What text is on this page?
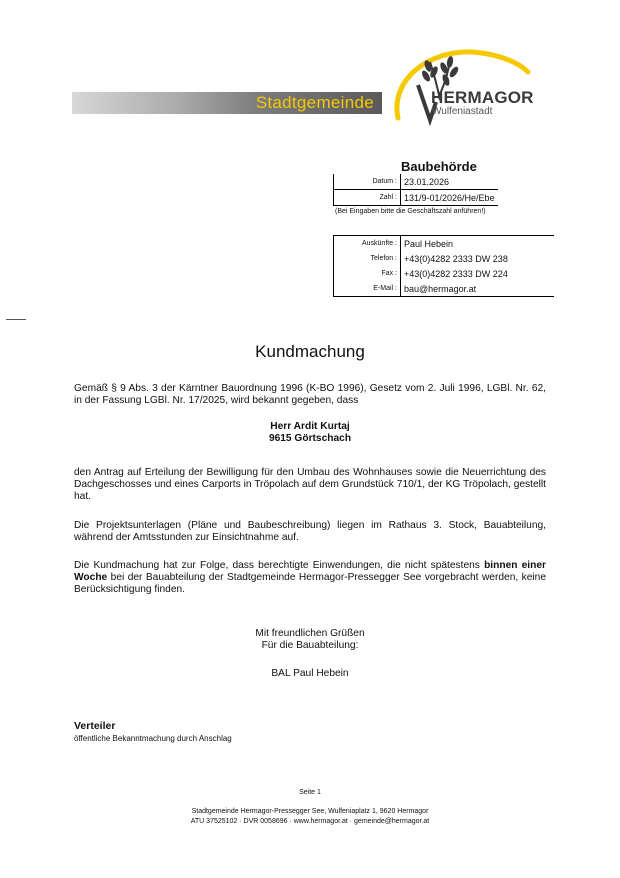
Stadtgemeinde	HERMAGOR
Wulfeniastadt
Baubehörde
Datum :	23.01.2026
Zahl :	131/9-01/2026/He/Ebe
(Bei Eingaben bitte die Geschäftszahl anführen!)
Auskünfte :	Paul Hebein
Telefon :	+43(0)4282 2333 DW 238
Fax :	+43(0)4282 2333 DW 224
E-Mail :	bau@hermagor.at
Kundmachung
Gemäß § 9 Abs. 3 der Kärntner Bauordnung 1996 (K-BO 1996), Gesetz vom 2. Juli 1996, LGBl. Nr. 62, in der Fassung LGBl. Nr. 17/2025, wird bekannt gegeben, dass
Herr Ardit Kurtaj
9615 Görtschach
den Antrag auf Erteilung der Bewilligung für den Umbau des Wohnhauses sowie die Neuerrichtung des Dachgeschosses und eines Carports in Tröpolach auf dem Grundstück 710/1, der KG Tröpolach, gestellt hat.
Die Projektsunterlagen (Pläne und Baubeschreibung) liegen im Rathaus 3. Stock, Bauabteilung, während der Amtsstunden zur Einsichtnahme auf.
Die Kundmachung hat zur Folge, dass berechtigte Einwendungen, die nicht spätestens binnen einer Woche bei der Bauabteilung der Stadtgemeinde Hermagor-Pressegger See vorgebracht werden, keine Berücksichtigung finden.
Mit freundlichen Grüßen
Für die Bauabteilung:
BAL Paul Hebein
Verteiler
öffentliche Bekanntmachung durch Anschlag
Seite 1
Stadtgemeinde Hermagor-Pressegger See, Wulfeniaplatz 1, 9620 Hermagor
ATU 37525102 · DVR 0058696 · www.hermagor.at · gemeinde@hermagor.at
